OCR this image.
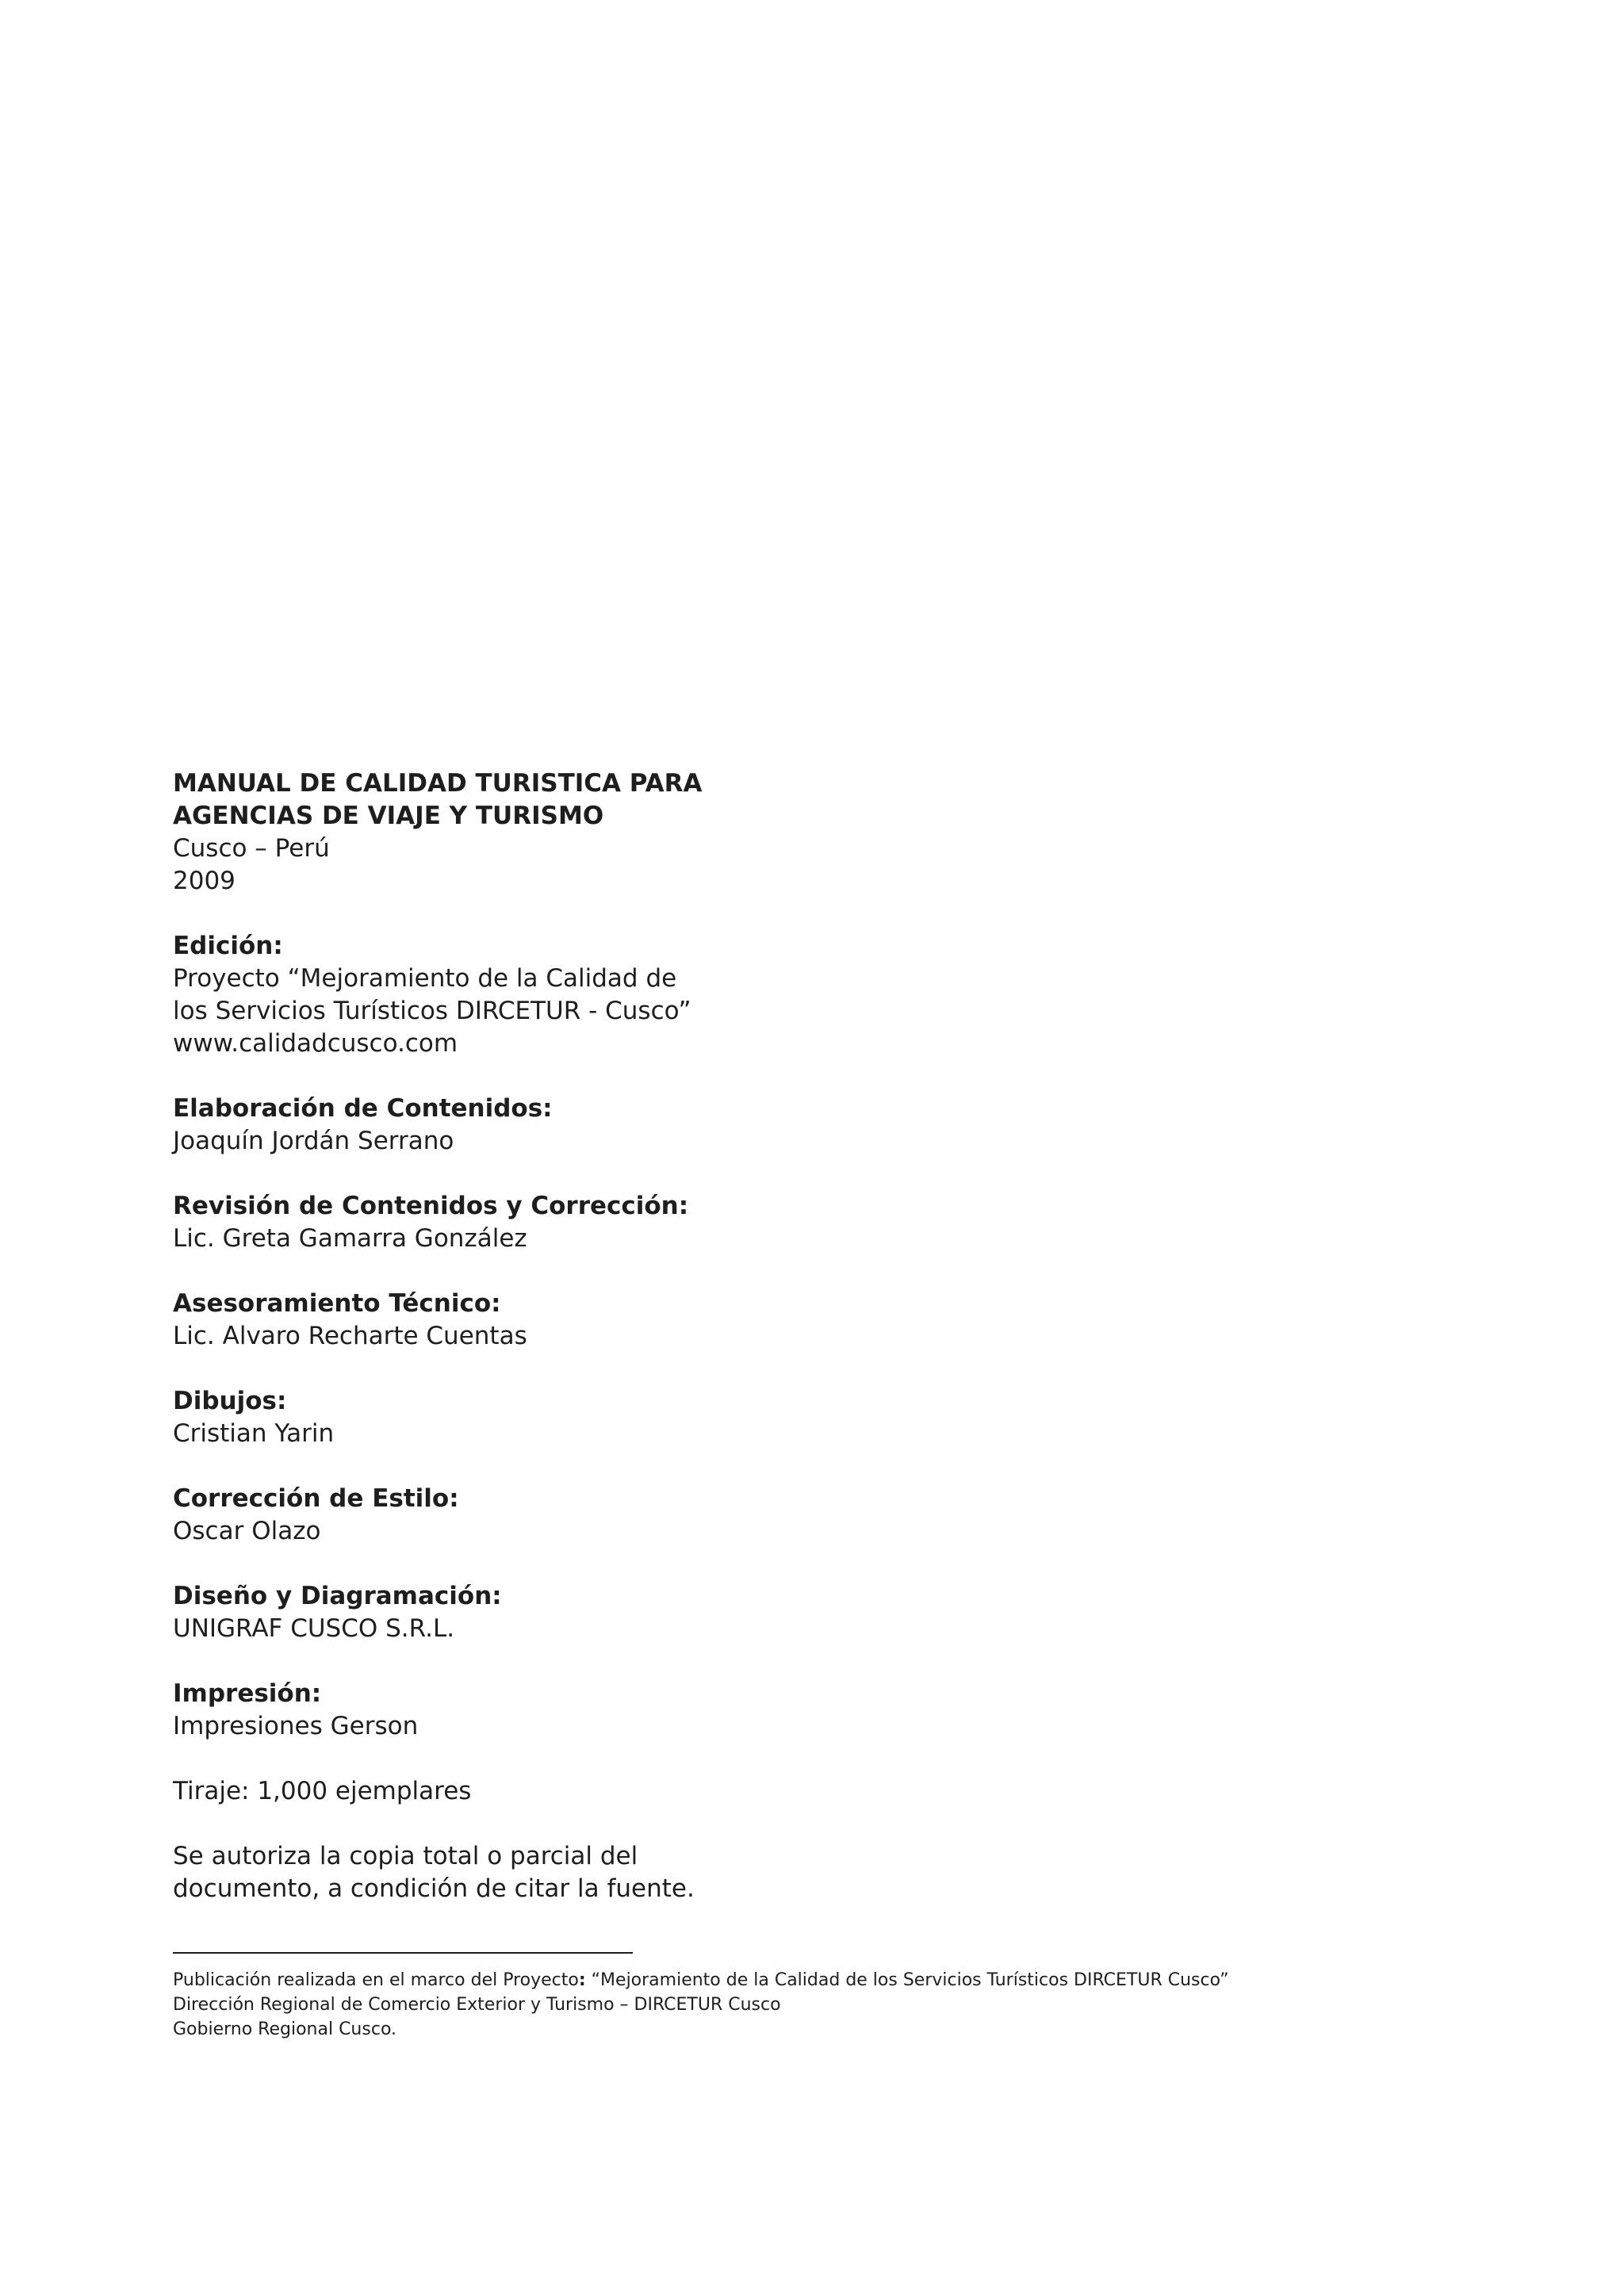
MANUAL DE CALIDAD TURISTICA PARA
AGENCIAS DE VIAJE Y TURISMO
Cusco – Perú
2009
Edición:
Proyecto “Mejoramiento de la Calidad de
los Servicios Turísticos DIRCETUR - Cusco”
www.calidadcusco.com
Elaboración de Contenidos:
Joaquín Jordán Serrano
Revisión de Contenidos y Corrección:
Lic. Greta Gamarra González
Asesoramiento Técnico:
Lic. Alvaro Recharte Cuentas
Dibujos:
Cristian Yarin
Corrección de Estilo:
Oscar Olazo
Diseño y Diagramación:
UNIGRAF CUSCO S.R.L.
Impresión:
Impresiones Gerson
Tiraje: 1,000 ejemplares
Se autoriza la copia total o parcial del
documento, a condición de citar la fuente.
Publicación realizada en el marco del Proyecto: “Mejoramiento de la Calidad de los Servicios Turísticos DIRCETUR Cusco”
Dirección Regional de Comercio Exterior y Turismo – DIRCETUR Cusco
Gobierno Regional Cusco.
